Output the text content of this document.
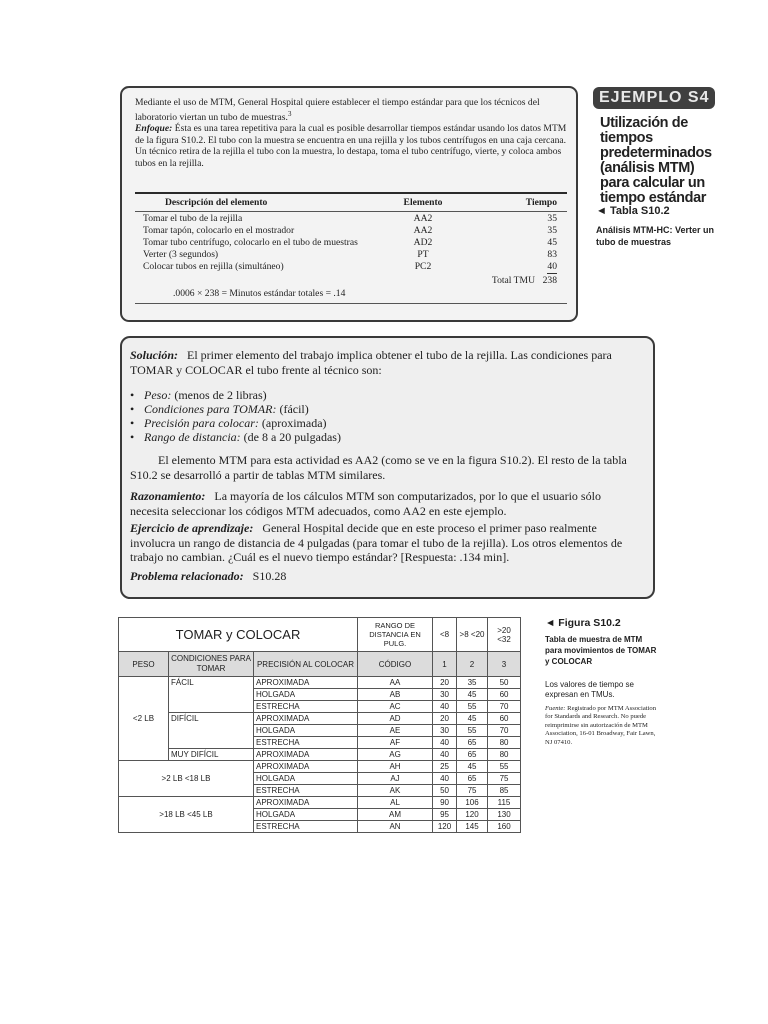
Mediante el uso de MTM, General Hospital quiere establecer el tiempo estándar para que los técnicos del laboratorio viertan un tubo de muestras.$^3$

Enfoque: Ésta es una tarea repetitiva para la cual es posible desarrollar tiempos estándar usando los datos MTM de la figura S10.2. El tubo con la muestra se encuentra en una rejilla y los tubos centrífugos en una caja cercana. Un técnico retira de la rejilla el tubo con la muestra, lo destapa, toma el tubo centrífugo, vierte, y coloca ambos tubos en la rejilla.

Descripción del elemento	Elemento	Tiempo
Tomar el tubo de la rejilla	AA2	35
Tomar tapón, colocarlo en el mostrador	AA2	35
Tomar tubo centrífugo, colocarlo en el tubo de muestras	AD2	45
Verter (3 segundos)	PT	83
Colocar tubos en rejilla (simultáneo)	PC2	40
Total TMU 238
.0006 × 238 = Minutos estándar totales = .14
EJEMPLO S4
Utilización de tiempos predeterminados (análisis MTM) para calcular un tiempo estándar
◄ Tabla S10.2
Análisis MTM-HC: Verter un tubo de muestras

Solución: El primer elemento del trabajo implica obtener el tubo de la rejilla. Las condiciones para TOMAR y COLOCAR el tubo frente al técnico son:

• Peso: (menos de 2 libras)
• Condiciones para TOMAR: (fácil)
• Precisión para colocar: (aproximada)
• Rango de distancia: (de 8 a 20 pulgadas)

El elemento MTM para esta actividad es AA2 (como se ve en la figura S10.2). El resto de la tabla S10.2 se desarrolló a partir de tablas MTM similares.

Razonamiento: La mayoría de los cálculos MTM son computarizados, por lo que el usuario sólo necesita seleccionar los códigos MTM adecuados, como AA2 en este ejemplo.

Ejercicio de aprendizaje: General Hospital decide que en este proceso el primer paso realmente involucra un rango de distancia de 4 pulgadas (para tomar el tubo de la rejilla). Los otros elementos de trabajo no cambian. ¿Cuál es el nuevo tiempo estándar? [Respuesta: .134 min].

Problema relacionado: S10.28

TOMAR y COLOCAR			RANGO DE DISTANCIA EN PULG.	<8	>8 <20	>20 <32
PESO	CONDICIONES PARA TOMAR	PRECISIÓN AL COLOCAR	CÓDIGO	1	2	3
<2 LB	FÁCIL	APROXIMADA	AA	20	35	50
		HOLGADA	AB	30	45	60
		ESTRECHA	AC	40	55	70
	DIFÍCIL	APROXIMADA	AD	20	45	60
		HOLGADA	AE	30	55	70
		ESTRECHA	AF	40	65	80
	MUY DIFÍCIL	APROXIMADA	AG	40	65	80
>2 LB <18 LB		APROXIMADA	AH	25	45	55
		HOLGADA	AJ	40	65	75
		ESTRECHA	AK	50	75	85
>18 LB <45 LB		APROXIMADA	AL	90	106	115
		HOLGADA	AM	95	120	130
		ESTRECHA	AN	120	145	160
◄ Figura S10.2
Tabla de muestra de MTM para movimientos de TOMAR y COLOCAR
Los valores de tiempo se expresan en TMUs.
Fuente: Registrado por MTM Association for Standards and Research. No puede reimprimirse sin autorización de MTM Association, 16-01 Broadway, Fair Lawn, NJ 07410.
